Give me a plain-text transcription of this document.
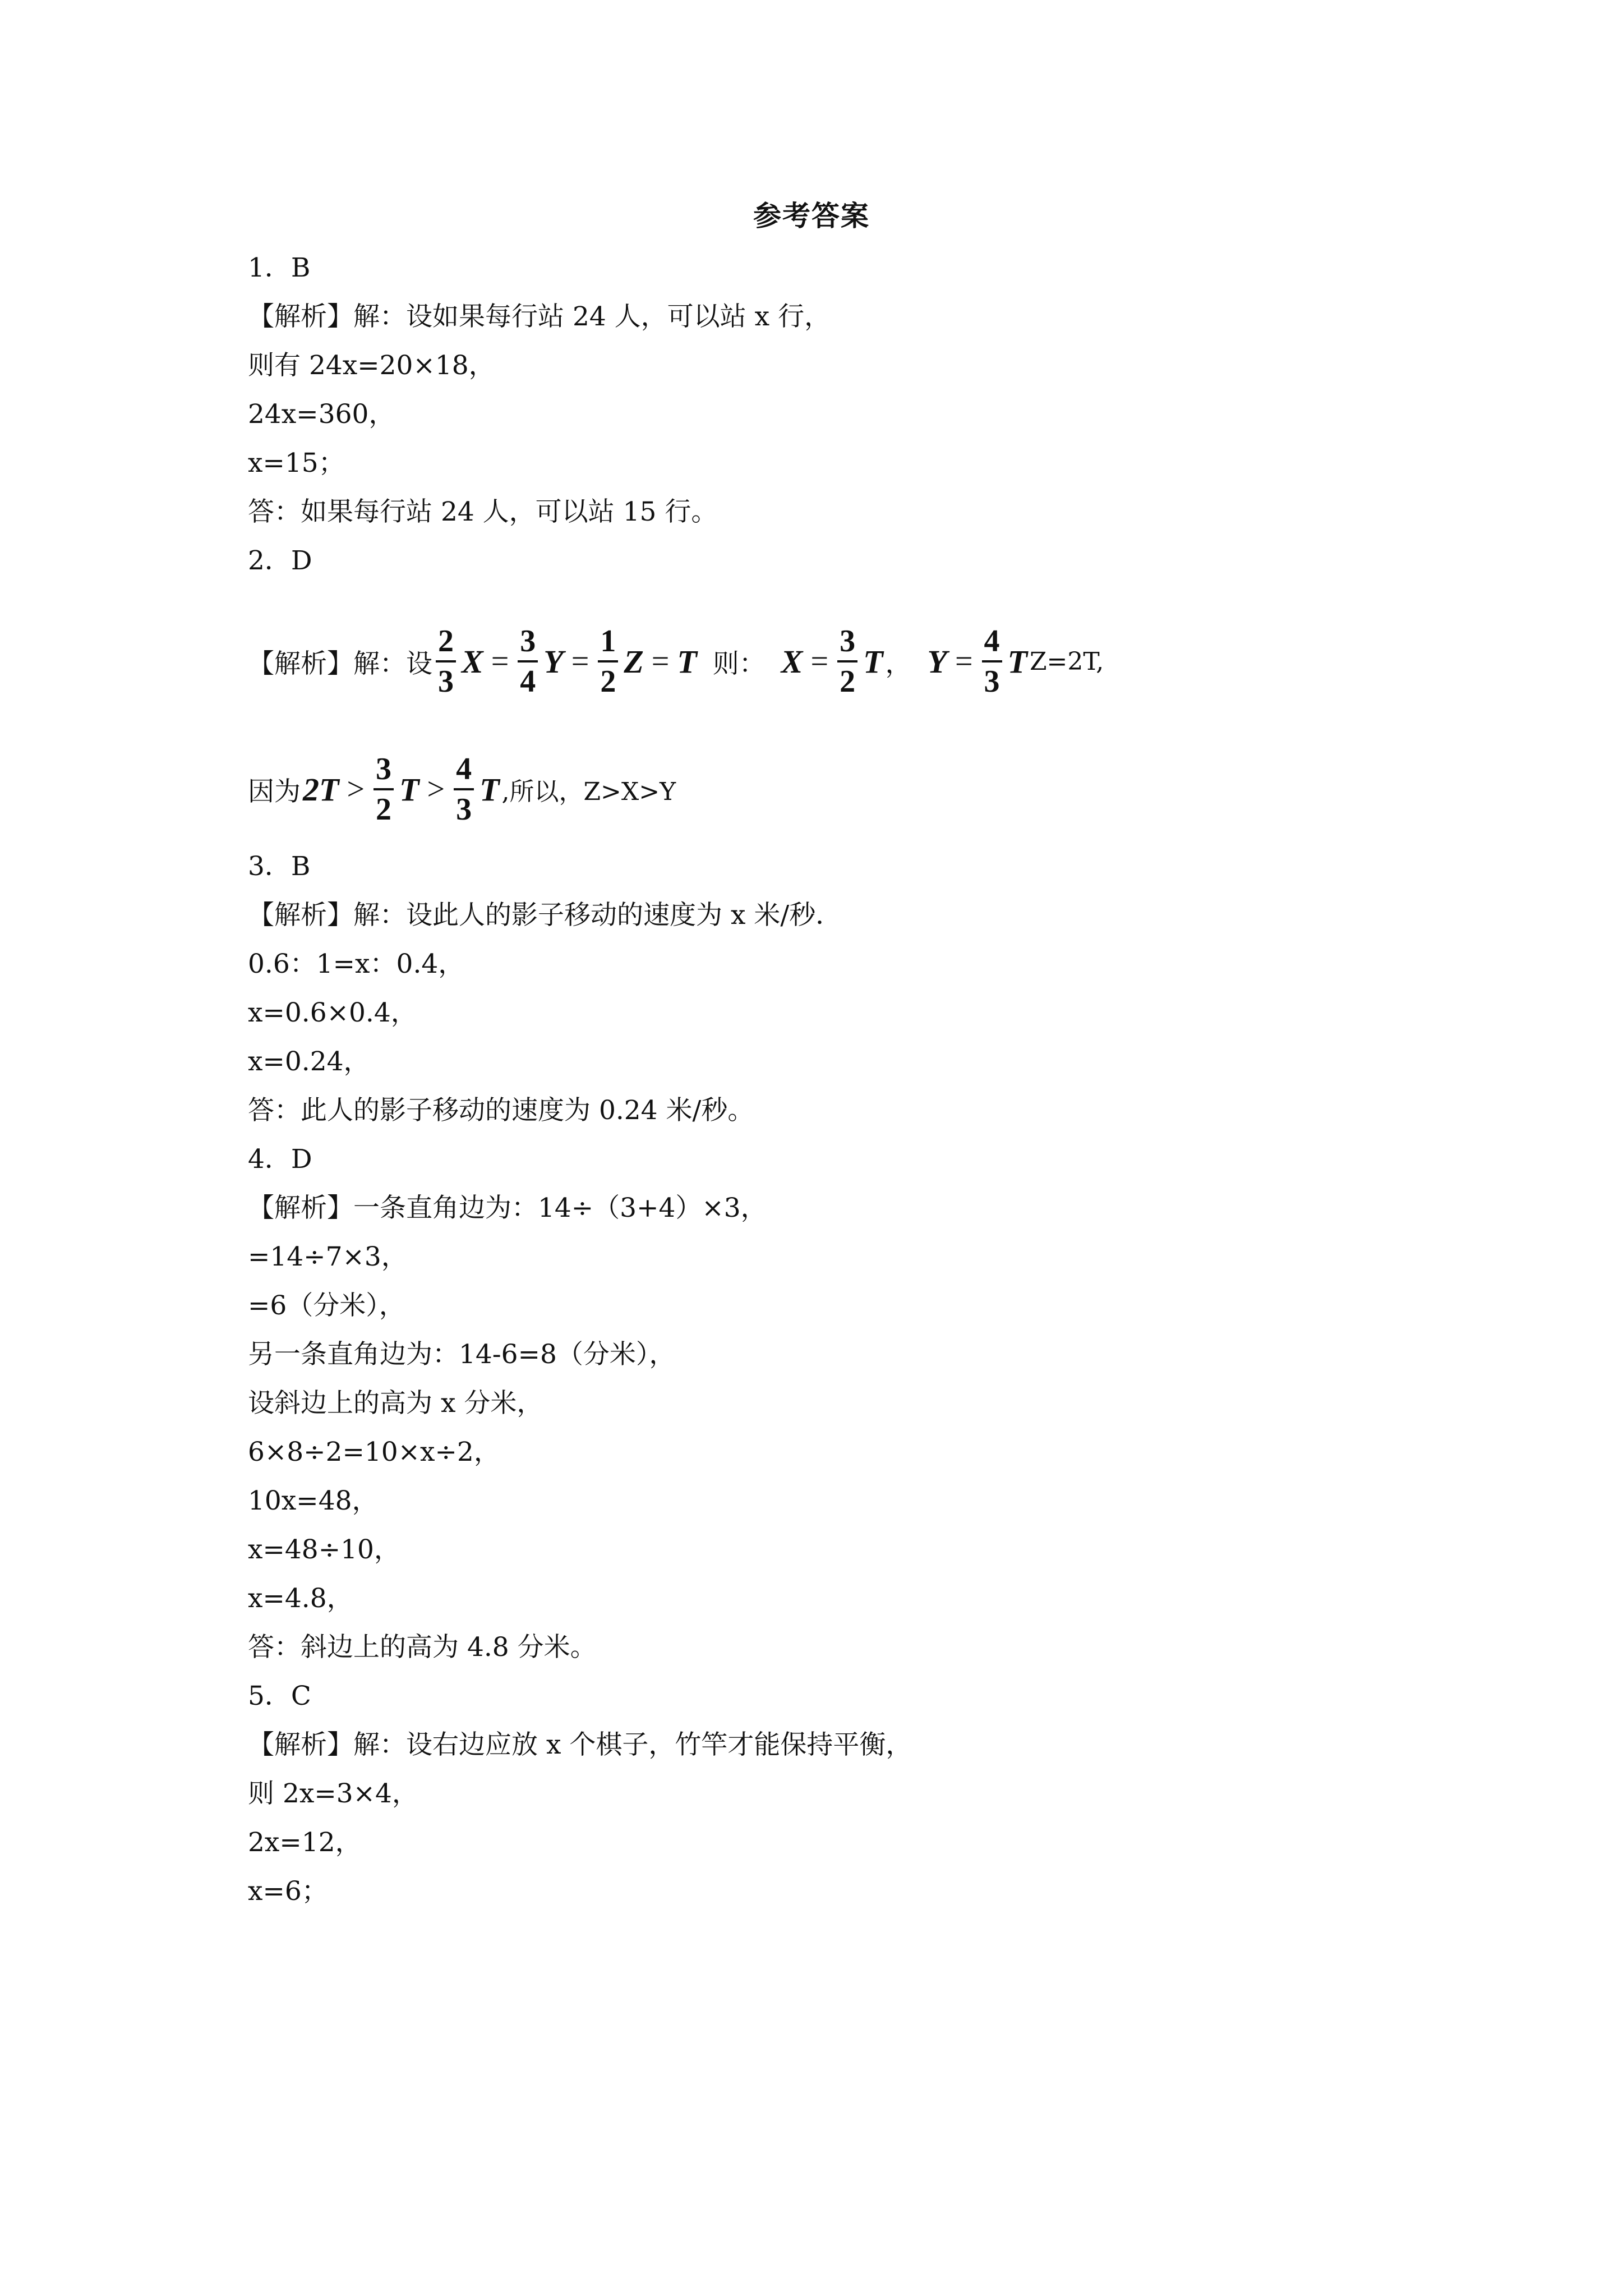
参考答案
1．B
【解析】解：设如果每行站 24 人，可以站 x 行，
则有 24x=20×18，
24x=360，
x=15；
答：如果每行站 24 人，可以站 15 行。
2．D
【解析】解：设 $\frac{2}{3}$ $X = \frac{3}{4}$ $Y = \frac{1}{2}$ Z = T 则： $X = \frac{3}{2}$ T ， $Y = \frac{4}{3}$ T Z=2T,
因为 $2T > \frac{3}{2}$ $T > \frac{4}{3}$ T ,所以，Z>X>Y
3．B
【解析】解：设此人的影子移动的速度为 x 米/秒．
0.6：1=x：0.4，
x=0.6×0.4，
x=0.24，
答：此人的影子移动的速度为 0.24 米/秒。
4．D
【解析】一条直角边为：14÷（3+4）×3，
=14÷7×3，
=6（分米），
另一条直角边为：14-6=8（分米），
设斜边上的高为 x 分米，
6×8÷2=10×x÷2，
10x=48，
x=48÷10，
x=4.8，
答：斜边上的高为 4.8 分米。
5．C
【解析】解：设右边应放 x 个棋子，竹竿才能保持平衡，
则 2x=3×4，
2x=12，
x=6；
